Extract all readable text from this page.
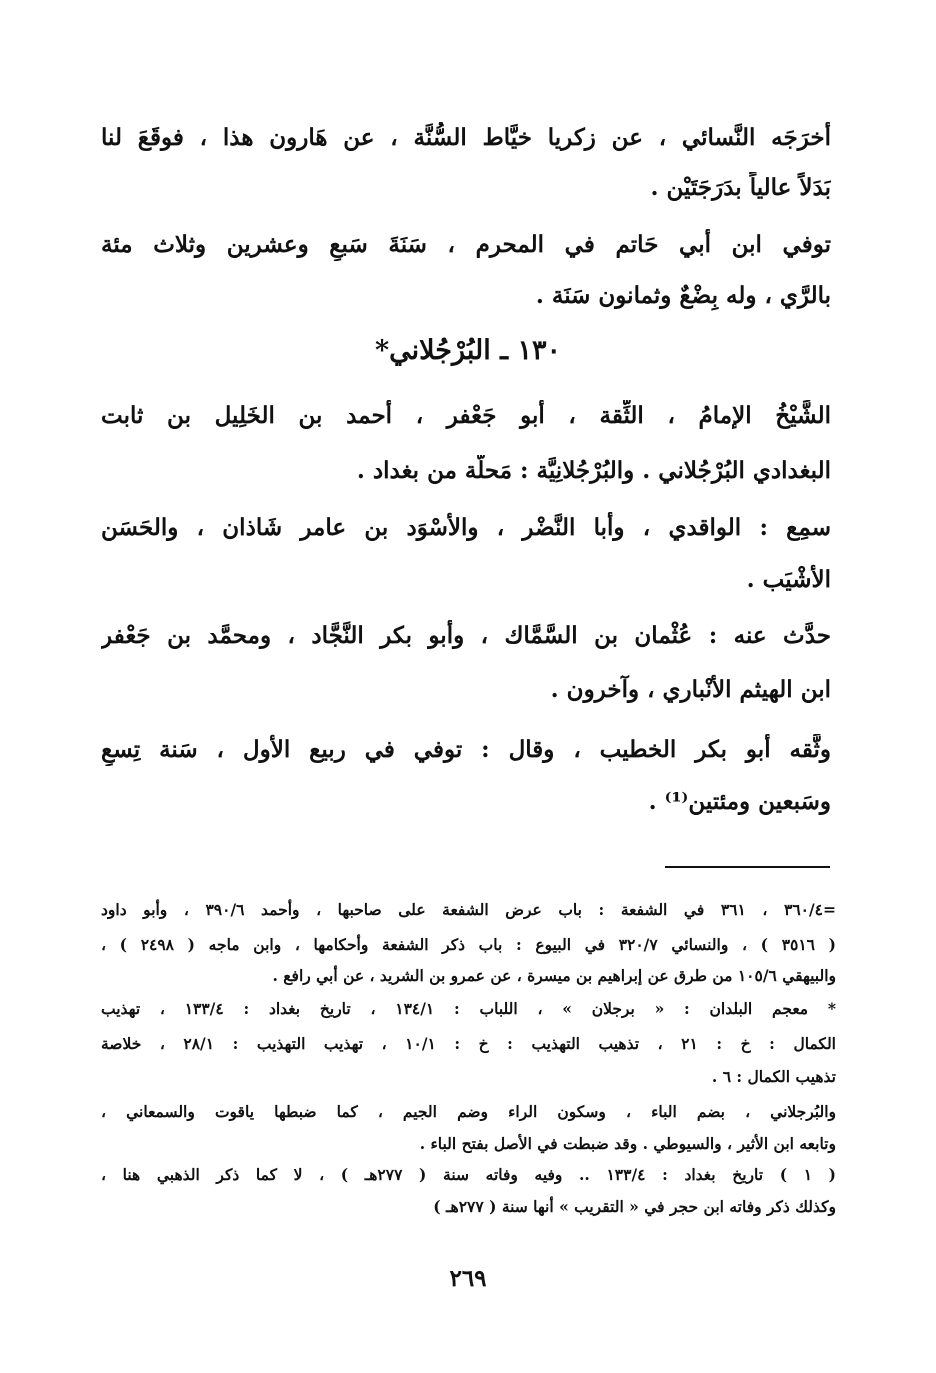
أخرَجَه النَّسائي ، عن زكريا خيَّاط السُّنَّة ، عن هَارون هذا ، فوقَعَ لنا
بَدَلاً عالياً بدَرَجَتَيْن .
توفي ابن أبي حَاتم في المحرم ، سَنَةَ سَبعٍ وعشرين وثلاث مئة
بالرَّي ، وله بِضْعٌ وثمانون سَنَة .
١٣٠ ـ البُرْجُلاني*
الشَّيْخُ الإمامُ ، الثِّقة ، أبو جَعْفر ، أحمد بن الخَلِيل بن ثابت
البغدادي البُرْجُلاني . والبُرْجُلانِيَّة : مَحلَّة من بغداد .
سمِع : الواقدي ، وأبا النَّضْر ، والأسْوَد بن عامر شَاذان ، والحَسَن
الأشْيَب .
حدَّث عنه : عُثْمان بن السَّمَّاك ، وأبو بكر النَّجَّاد ، ومحمَّد بن جَعْفر
ابن الهيثم الأنْباري ، وآخرون .
وثَّقه أبو بكر الخطيب ، وقال : توفي في ربيع الأول ، سَنة تِسعٍ
وسَبعين ومئتين⁽¹⁾ .
=٣٦٠/٤ ، ٣٦١ في الشفعة : باب عرض الشفعة على صاحبها ، وأحمد ٣٩٠/٦ ، وأبو داود
( ٣٥١٦ ) ، والنسائي ٣٢٠/٧ في البيوع : باب ذكر الشفعة وأحكامها ، وابن ماجه ( ٢٤٩٨ ) ،
والبيهقي ١٠٥/٦ من طرق عن إبراهيم بن ميسرة ، عن عمرو بن الشريد ، عن أبي رافع .
* معجم البلدان : « برجلان » ، اللباب : ١٣٤/١ ، تاريخ بغداد : ١٣٣/٤ ، تهذيب
الكمال : خ : ٢١ ، تذهيب التهذيب : خ : ١٠/١ ، تهذيب التهذيب : ٢٨/١ ، خلاصة
تذهيب الكمال : ٦ .
والبُرجلاني ، بضم الباء ، وسكون الراء وضم الجيم ، كما ضبطها ياقوت والسمعاني ،
وتابعه ابن الأثير ، والسيوطي . وقد ضبطت في الأصل بفتح الباء .
( ١ ) تاريخ بغداد : ١٣٣/٤ .. وفيه وفاته سنة ( ٢٧٧هـ ) ، لا كما ذكر الذهبي هنا ،
وكذلك ذكر وفاته ابن حجر في « التقريب » أنها سنة ( ٢٧٧هـ )
٢٦٩
